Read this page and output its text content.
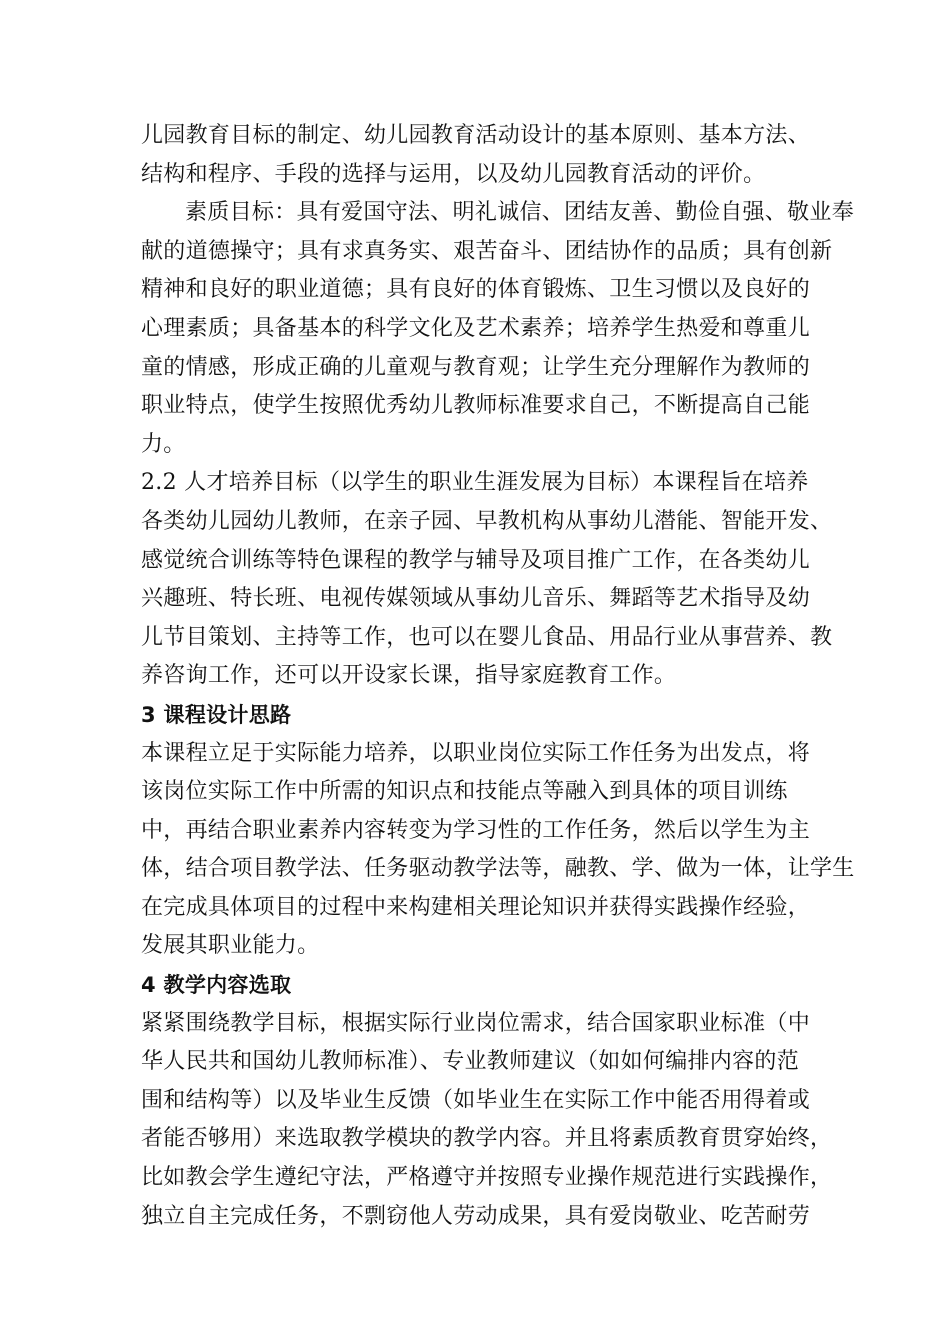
儿园教育目标的制定、幼儿园教育活动设计的基本原则、基本方法、
结构和程序、手段的选择与运用，以及幼儿园教育活动的评价。
素质目标：具有爱国守法、明礼诚信、团结友善、勤俭自强、敬业奉
献的道德操守；具有求真务实、艰苦奋斗、团结协作的品质；具有创新
精神和良好的职业道德；具有良好的体育锻炼、卫生习惯以及良好的
心理素质；具备基本的科学文化及艺术素养；培养学生热爱和尊重儿
童的情感，形成正确的儿童观与教育观；让学生充分理解作为教师的
职业特点，使学生按照优秀幼儿教师标准要求自己，不断提高自己能
力。
2.2 人才培养目标（以学生的职业生涯发展为目标）本课程旨在培养
各类幼儿园幼儿教师，在亲子园、早教机构从事幼儿潜能、智能开发、
感觉统合训练等特色课程的教学与辅导及项目推广工作，在各类幼儿
兴趣班、特长班、电视传媒领域从事幼儿音乐、舞蹈等艺术指导及幼
儿节目策划、主持等工作，也可以在婴儿食品、用品行业从事营养、教
养咨询工作，还可以开设家长课，指导家庭教育工作。
3 课程设计思路
本课程立足于实际能力培养，以职业岗位实际工作任务为出发点，将
该岗位实际工作中所需的知识点和技能点等融入到具体的项目训练
中，再结合职业素养内容转变为学习性的工作任务，然后以学生为主
体，结合项目教学法、任务驱动教学法等，融教、学、做为一体，让学生
在完成具体项目的过程中来构建相关理论知识并获得实践操作经验，
发展其职业能力。
4 教学内容选取
紧紧围绕教学目标，根据实际行业岗位需求，结合国家职业标准（中
华人民共和国幼儿教师标准）、专业教师建议（如如何编排内容的范
围和结构等）以及毕业生反馈（如毕业生在实际工作中能否用得着或
者能否够用）来选取教学模块的教学内容。并且将素质教育贯穿始终，
比如教会学生遵纪守法，严格遵守并按照专业操作规范进行实践操作，
独立自主完成任务，不剽窃他人劳动成果，具有爱岗敬业、吃苦耐劳
